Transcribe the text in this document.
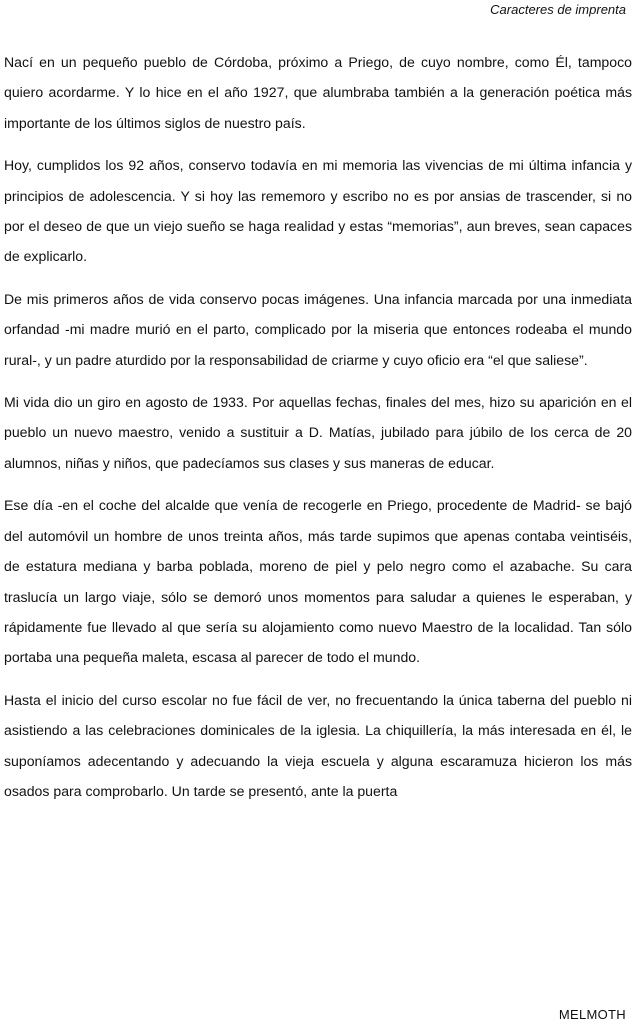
Caracteres de imprenta

Nací en un pequeño pueblo de Córdoba, próximo a Priego, de cuyo nombre, como Él, tampoco quiero acordarme. Y lo hice en el año 1927, que alumbraba también a la generación poética más importante de los últimos siglos de nuestro país.

Hoy, cumplidos los 92 años, conservo todavía en mi memoria las vivencias de mi última infancia y principios de adolescencia. Y si hoy las rememoro y escribo no es por ansias de trascender, si no por el deseo de que un viejo sueño se haga realidad y estas “memorias”, aun breves, sean capaces de explicarlo.

De mis primeros años de vida conservo pocas imágenes. Una infancia marcada por una inmediata orfandad -mi madre murió en el parto, complicado por la miseria que entonces rodeaba el mundo rural-, y un padre aturdido por la responsabilidad de criarme y cuyo oficio era “el que saliese”.

Mi vida dio un giro en agosto de 1933. Por aquellas fechas, finales del mes, hizo su aparición en el pueblo un nuevo maestro, venido a sustituir a D. Matías, jubilado para júbilo de los cerca de 20 alumnos, niñas y niños, que padecíamos sus clases y sus maneras de educar.

Ese día -en el coche del alcalde que venía de recogerle en Priego, procedente de Madrid- se bajó del automóvil un hombre de unos treinta años, más tarde supimos que apenas contaba veintiséis, de estatura mediana y barba poblada, moreno de piel y pelo negro como el azabache. Su cara traslucía un largo viaje, sólo se demoró unos momentos para saludar a quienes le esperaban, y rápidamente fue llevado al que sería su alojamiento como nuevo Maestro de la localidad. Tan sólo portaba una pequeña maleta, escasa al parecer de todo el mundo.

Hasta el inicio del curso escolar no fue fácil de ver, no frecuentando la única taberna del pueblo ni asistiendo a las celebraciones dominicales de la iglesia. La chiquillería, la más interesada en él, le suponíamos adecentando y adecuando la vieja escuela y alguna escaramuza hicieron los más osados para comprobarlo. Un tarde se presentó, ante la puerta

MELMOTH
